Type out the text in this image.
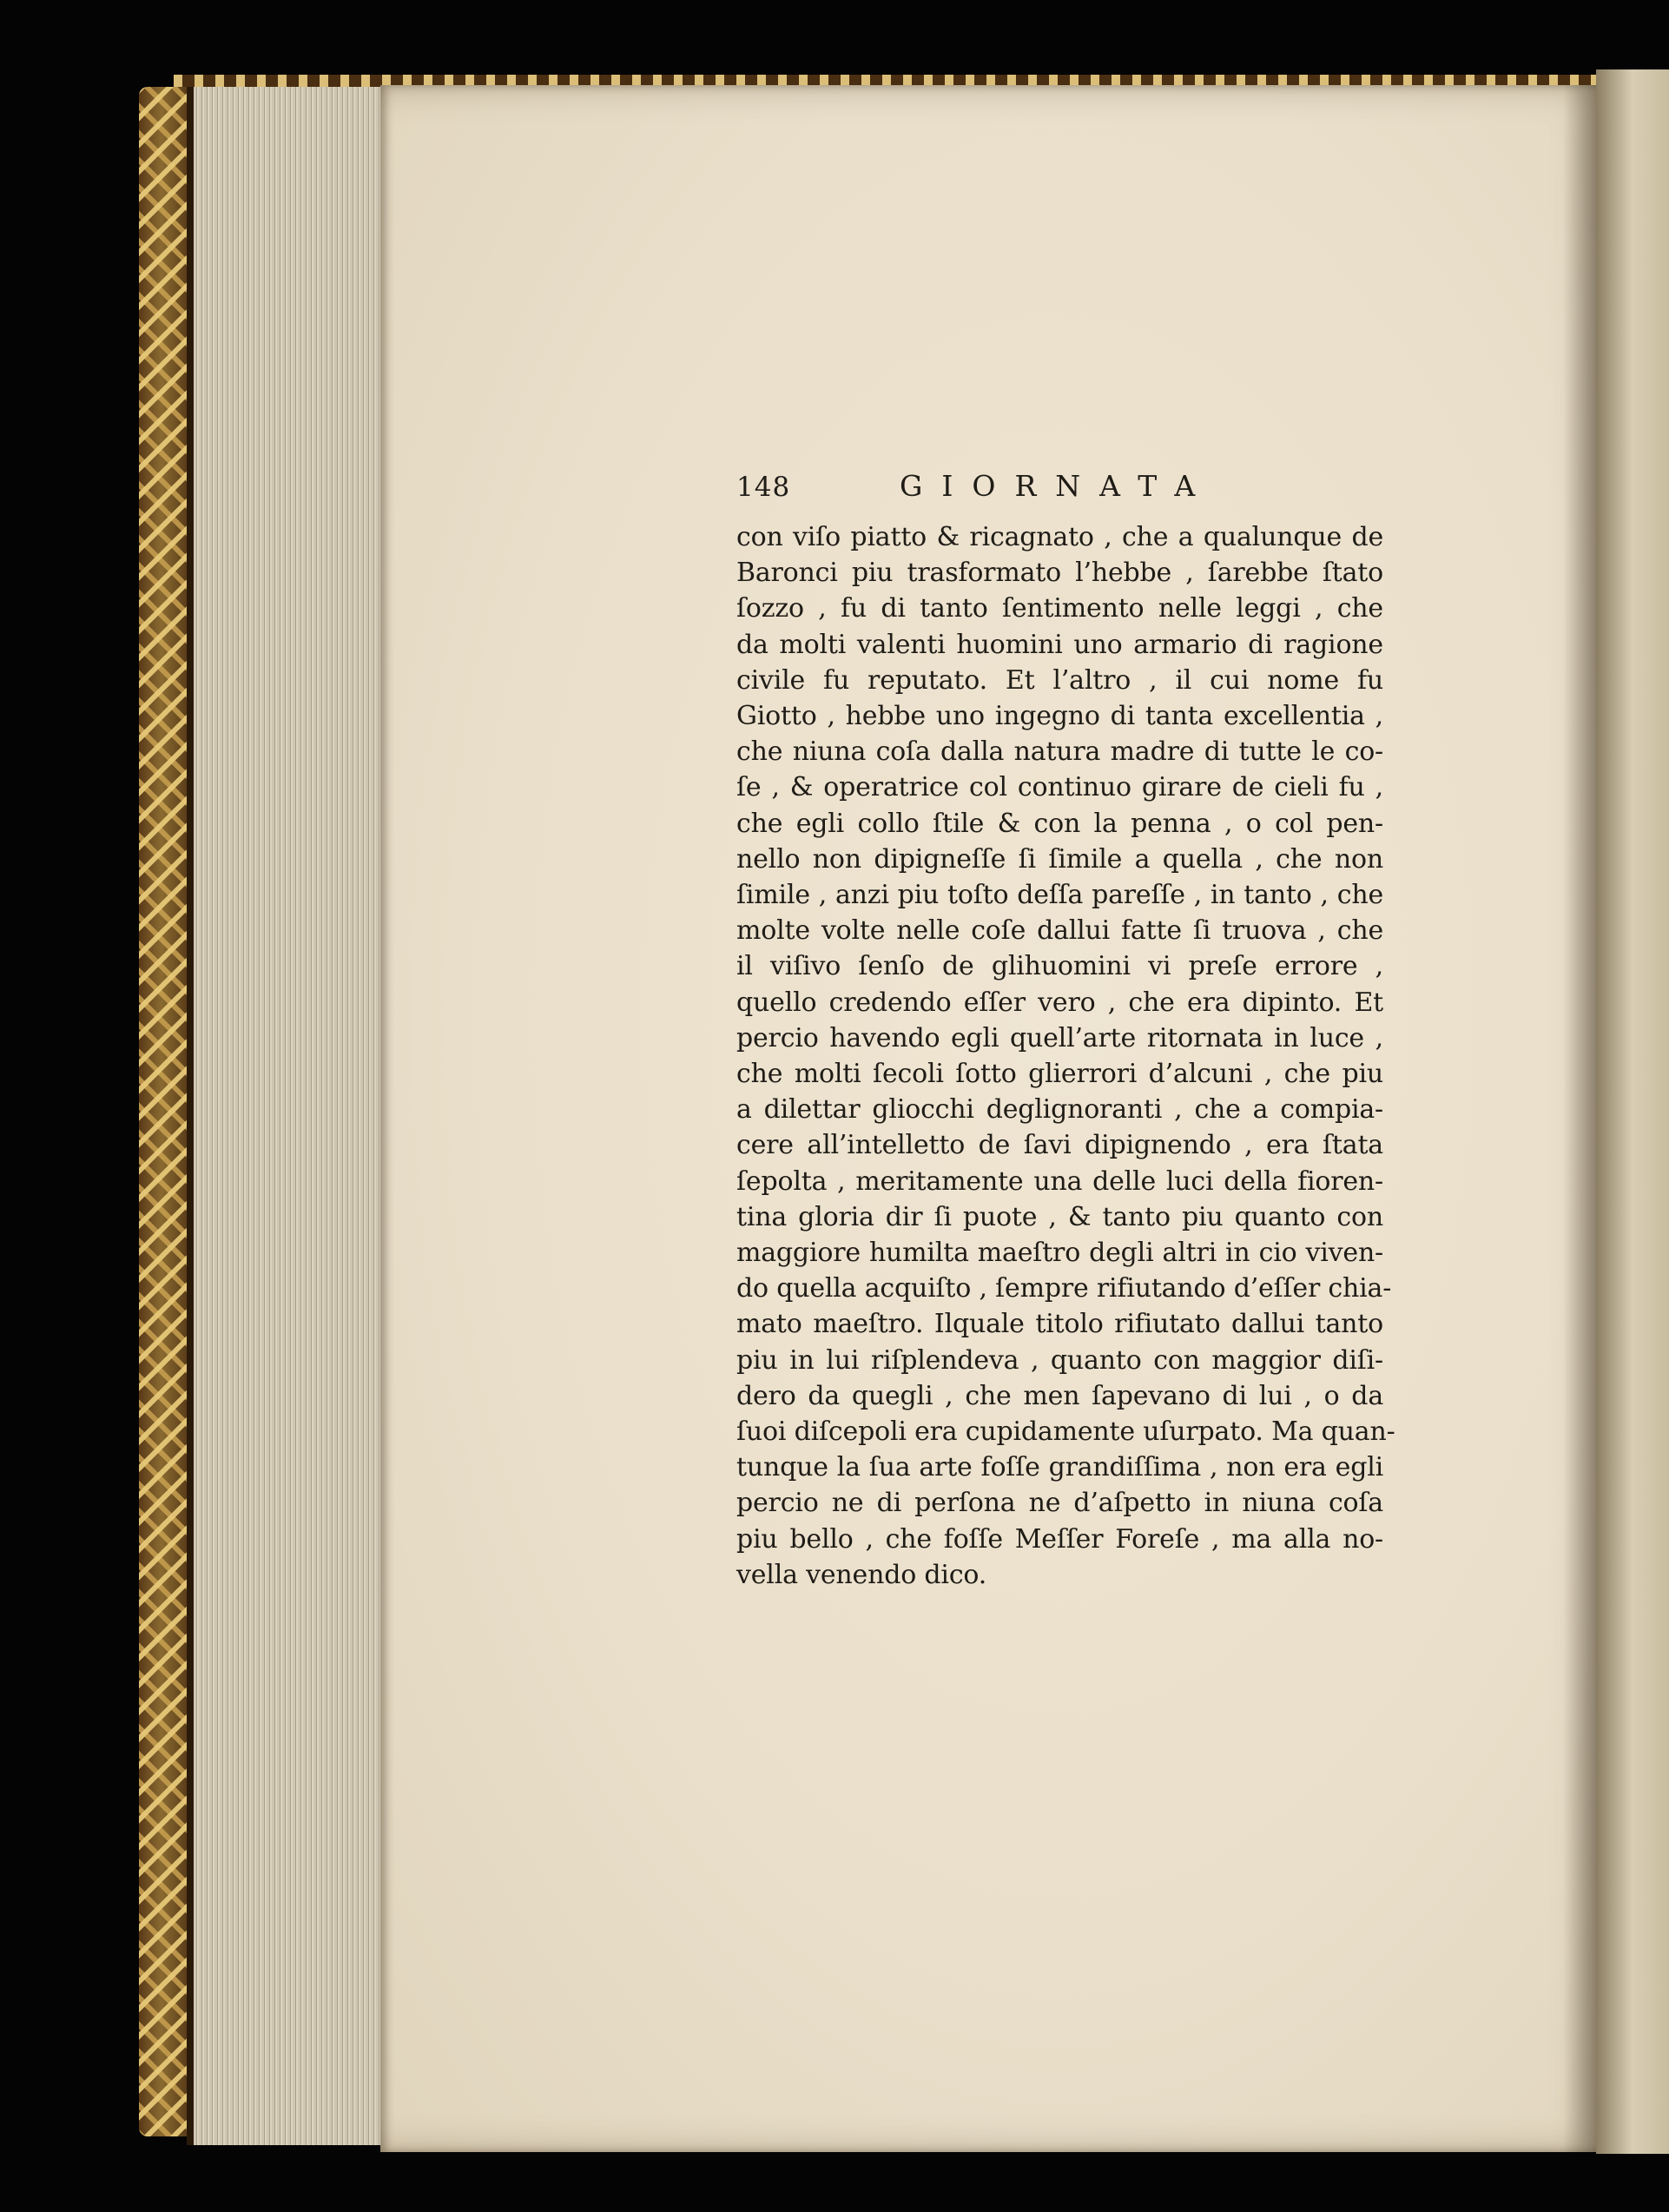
148	GIORNATA
con viſo piatto & ricagnato , che a qualunque de
Baronci piu trasformato l’hebbe , ſarebbe ſtato
ſozzo , fu di tanto ſentimento nelle leggi , che
da molti valenti huomini uno armario di ragione
civile fu reputato. Et l’altro , il cui nome fu
Giotto , hebbe uno ingegno di tanta excellentia ,
che niuna coſa dalla natura madre di tutte le co-
ſe , & operatrice col continuo girare de cieli fu ,
che egli collo ſtile & con la penna , o col pen-
nello non dipigneſſe ſi ſimile a quella , che non
ſimile , anzi piu toſto deſſa pareſſe , in tanto , che
molte volte nelle coſe dallui fatte ſi truova , che
il viſivo ſenſo de glihuomini vi preſe errore ,
quello credendo eſſer vero , che era dipinto. Et
percio havendo egli quell’arte ritornata in luce ,
che molti ſecoli ſotto glierrori d’alcuni , che piu
a dilettar gliocchi deglignoranti , che a compia-
cere all’intelletto de ſavi dipignendo , era ſtata
ſepolta , meritamente una delle luci della fioren-
tina gloria dir ſi puote , & tanto piu quanto con
maggiore humilta maeſtro degli altri in cio viven-
do quella acquiſto , ſempre rifiutando d’eſſer chia-
mato maeſtro. Ilquale titolo rifiutato dallui tanto
piu in lui riſplendeva , quanto con maggior diſi-
dero da quegli , che men ſapevano di lui , o da
ſuoi diſcepoli era cupidamente uſurpato. Ma quan-
tunque la ſua arte foſſe grandiſſima , non era egli
percio ne di perſona ne d’aſpetto in niuna coſa
piu bello , che foſſe Meſſer Foreſe , ma alla no-
vella venendo dico.
